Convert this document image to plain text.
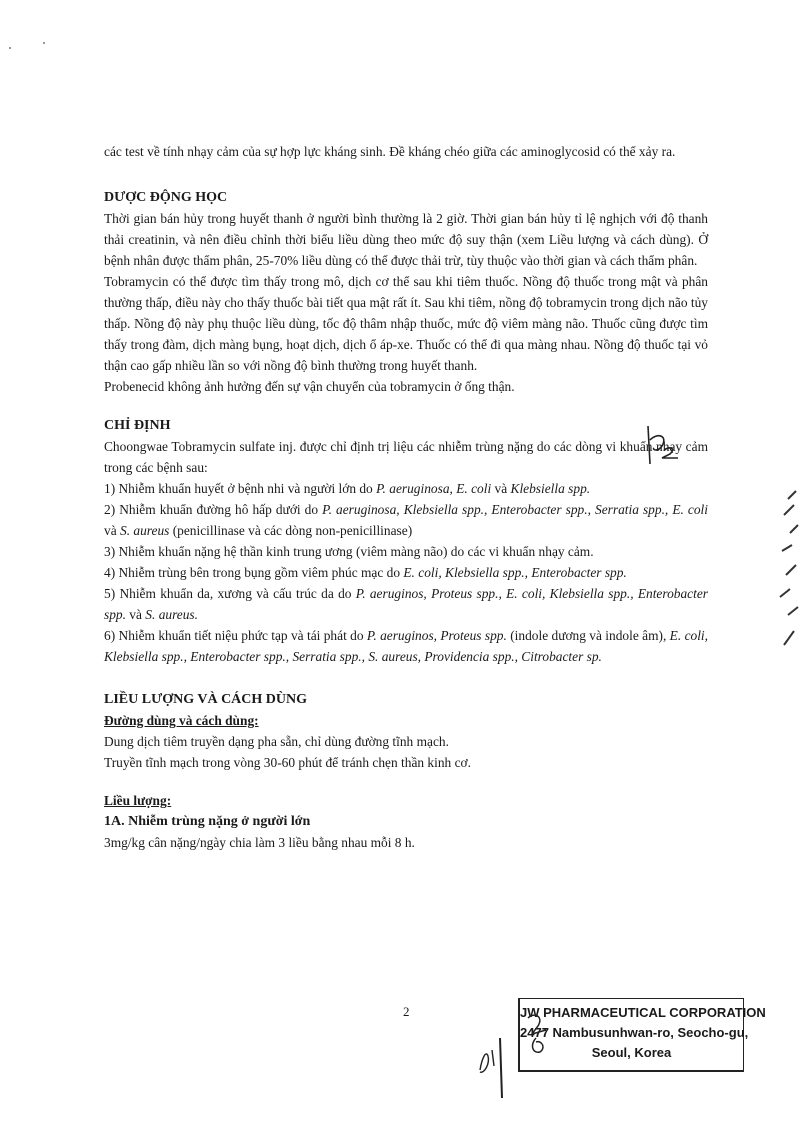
các test về tính nhạy cảm của sự hợp lực kháng sinh. Đề kháng chéo giữa các aminoglycosid có thể xảy ra.

DƯỢC ĐỘNG HỌC

Thời gian bán hủy trong huyết thanh ở người bình thường là 2 giờ. Thời gian bán hủy tỉ lệ nghịch với độ thanh thải creatinin, và nên điều chỉnh thời biểu liều dùng theo mức độ suy thận (xem Liều lượng và cách dùng). Ở bệnh nhân được thẩm phân, 25-70% liều dùng có thể được thải trừ, tùy thuộc vào thời gian và cách thẩm phân.

Tobramycin có thể được tìm thấy trong mô, dịch cơ thể sau khi tiêm thuốc. Nồng độ thuốc trong mật và phân thường thấp, điều này cho thấy thuốc bài tiết qua mật rất ít. Sau khi tiêm, nồng độ tobramycin trong dịch não tủy thấp. Nồng độ này phụ thuộc liều dùng, tốc độ thâm nhập thuốc, mức độ viêm màng não. Thuốc cũng được tìm thấy trong đàm, dịch màng bụng, hoạt dịch, dịch ổ áp-xe. Thuốc có thể đi qua màng nhau. Nồng độ thuốc tại vỏ thận cao gấp nhiều lần so với nồng độ bình thường trong huyết thanh.

Probenecid không ảnh hưởng đến sự vận chuyển của tobramycin ở ống thận.

CHỈ ĐỊNH

Choongwae Tobramycin sulfate inj. được chỉ định trị liệu các nhiễm trùng nặng do các dòng vi khuẩn nhạy cảm trong các bệnh sau:

1) Nhiễm khuẩn huyết ở bệnh nhi và người lớn do P. aeruginosa, E. coli và Klebsiella spp.

2) Nhiễm khuẩn đường hô hấp dưới do P. aeruginosa, Klebsiella spp., Enterobacter spp., Serratia spp., E. coli và S. aureus (penicillinase và các dòng non-penicillinase)

3) Nhiễm khuẩn nặng hệ thần kinh trung ương (viêm màng não) do các vi khuẩn nhạy cảm.

4) Nhiễm trùng bên trong bụng gồm viêm phúc mạc do E. coli, Klebsiella spp., Enterobacter spp.

5) Nhiễm khuẩn da, xương và cấu trúc da do P. aeruginos, Proteus spp., E. coli, Klebsiella spp., Enterobacter spp. và S. aureus.

6) Nhiễm khuẩn tiết niệu phức tạp và tái phát do P. aeruginos, Proteus spp. (indole dương và indole âm), E. coli, Klebsiella spp., Enterobacter spp., Serratia spp., S. aureus, Providencia spp., Citrobacter sp.

LIỀU LƯỢNG VÀ CÁCH DÙNG

Đường dùng và cách dùng:

Dung dịch tiêm truyền dạng pha sẵn, chỉ dùng đường tĩnh mạch.

Truyền tĩnh mạch trong vòng 30-60 phút để tránh chẹn thần kinh cơ.

Liều lượng:

1A. Nhiễm trùng nặng ở người lớn

3mg/kg cân nặng/ngày chia làm 3 liều bằng nhau mỗi 8 h.

2	JW PHARMACEUTICAL CORPORATION
2477 Nambusunhwan-ro, Seocho-gu,
Seoul, Korea
